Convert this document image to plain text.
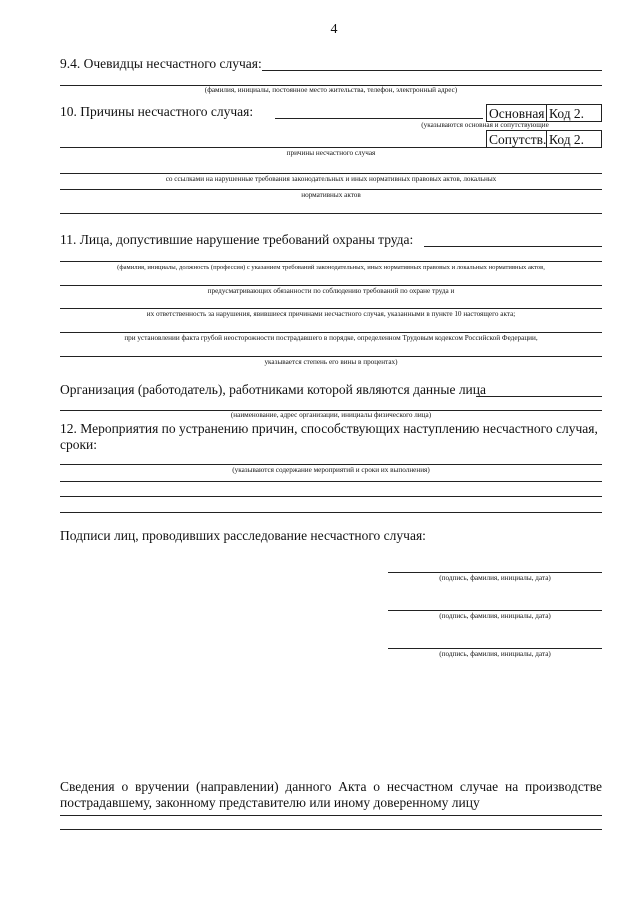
4
9.4. Очевидцы несчастного случая:
(фамилия, инициалы, постоянное место жительства, телефон, электронный адрес)
10. Причины несчастного случая:	Основная Код 2.
(указываются основная и сопутствующие
Сопутств. Код 2.
причины несчастного случая
со ссылками на нарушенные требования законодательных и иных нормативных правовых актов, локальных
нормативных актов
11. Лица, допустившие нарушение требований охраны труда:
(фамилия, инициалы, должность (профессия) с указанием требований законодательных, иных нормативных правовых и локальных нормативных актов,
предусматривающих обязанности по соблюдению требований по охране труда и
их ответственность за нарушения, явившиеся причинами несчастного случая, указанными в пункте 10 настоящего акта;
при установлении факта грубой неосторожности пострадавшего в порядке, определенном Трудовым кодексом Российской Федерации,
указывается степень его вины в процентах)
Организация (работодатель), работниками которой являются данные лица
(наименование, адрес организации, инициалы физического лица)
12. Мероприятия по устранению причин, способствующих наступлению несчастного случая,
сроки:
(указываются содержание мероприятий и сроки их выполнения)
Подписи лиц, проводивших расследование несчастного случая:
(подпись, фамилия, инициалы, дата)
(подпись, фамилия, инициалы, дата)
(подпись, фамилия, инициалы, дата)
Сведения о вручении (направлении) данного Акта о несчастном случае на производстве
пострадавшему, законному представителю или иному доверенному лицу
